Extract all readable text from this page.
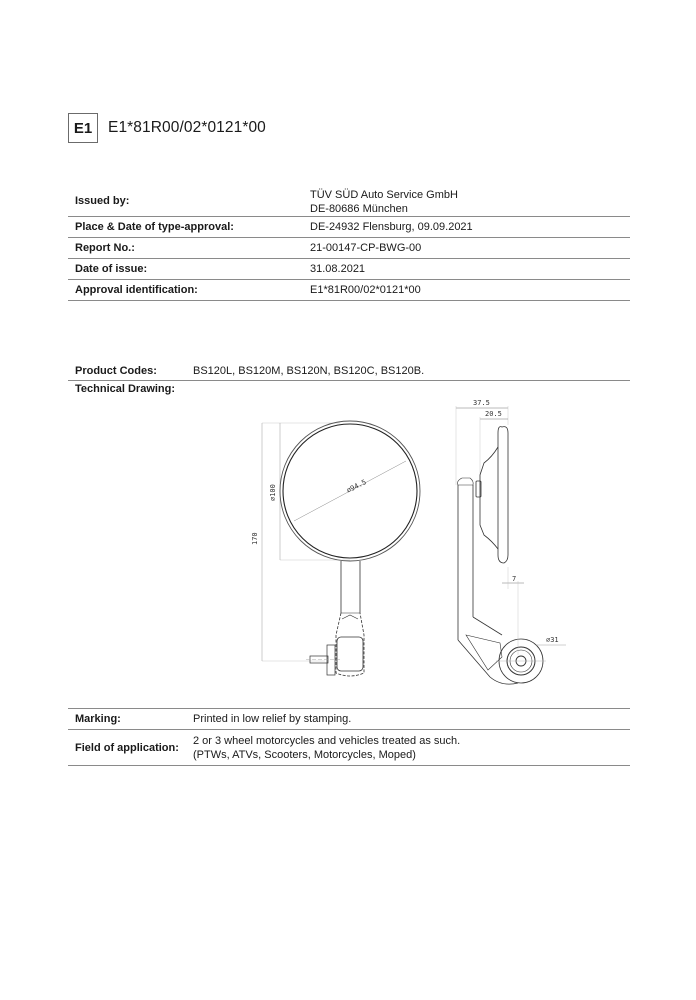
E1	E1*81R00/02*0121*00
Issued by:	TÜV SÜD Auto Service GmbH
DE-80686 München
Place & Date of type-approval:	DE-24932 Flensburg, 09.09.2021
Report No.:	21-00147-CP-BWG-00
Date of issue:	31.08.2021
Approval identification:	E1*81R00/02*0121*00
Product Codes:	BS120L, BS120M, BS120N, BS120C, BS120B.
Technical Drawing:
170
⌀100	⌀94.5
37.5
20.5
7
⌀31
Marking:	Printed in low relief by stamping.
Field of application:
2 or 3 wheel motorcycles and vehicles treated as such.
(PTWs, ATVs, Scooters, Motorcycles, Moped)
